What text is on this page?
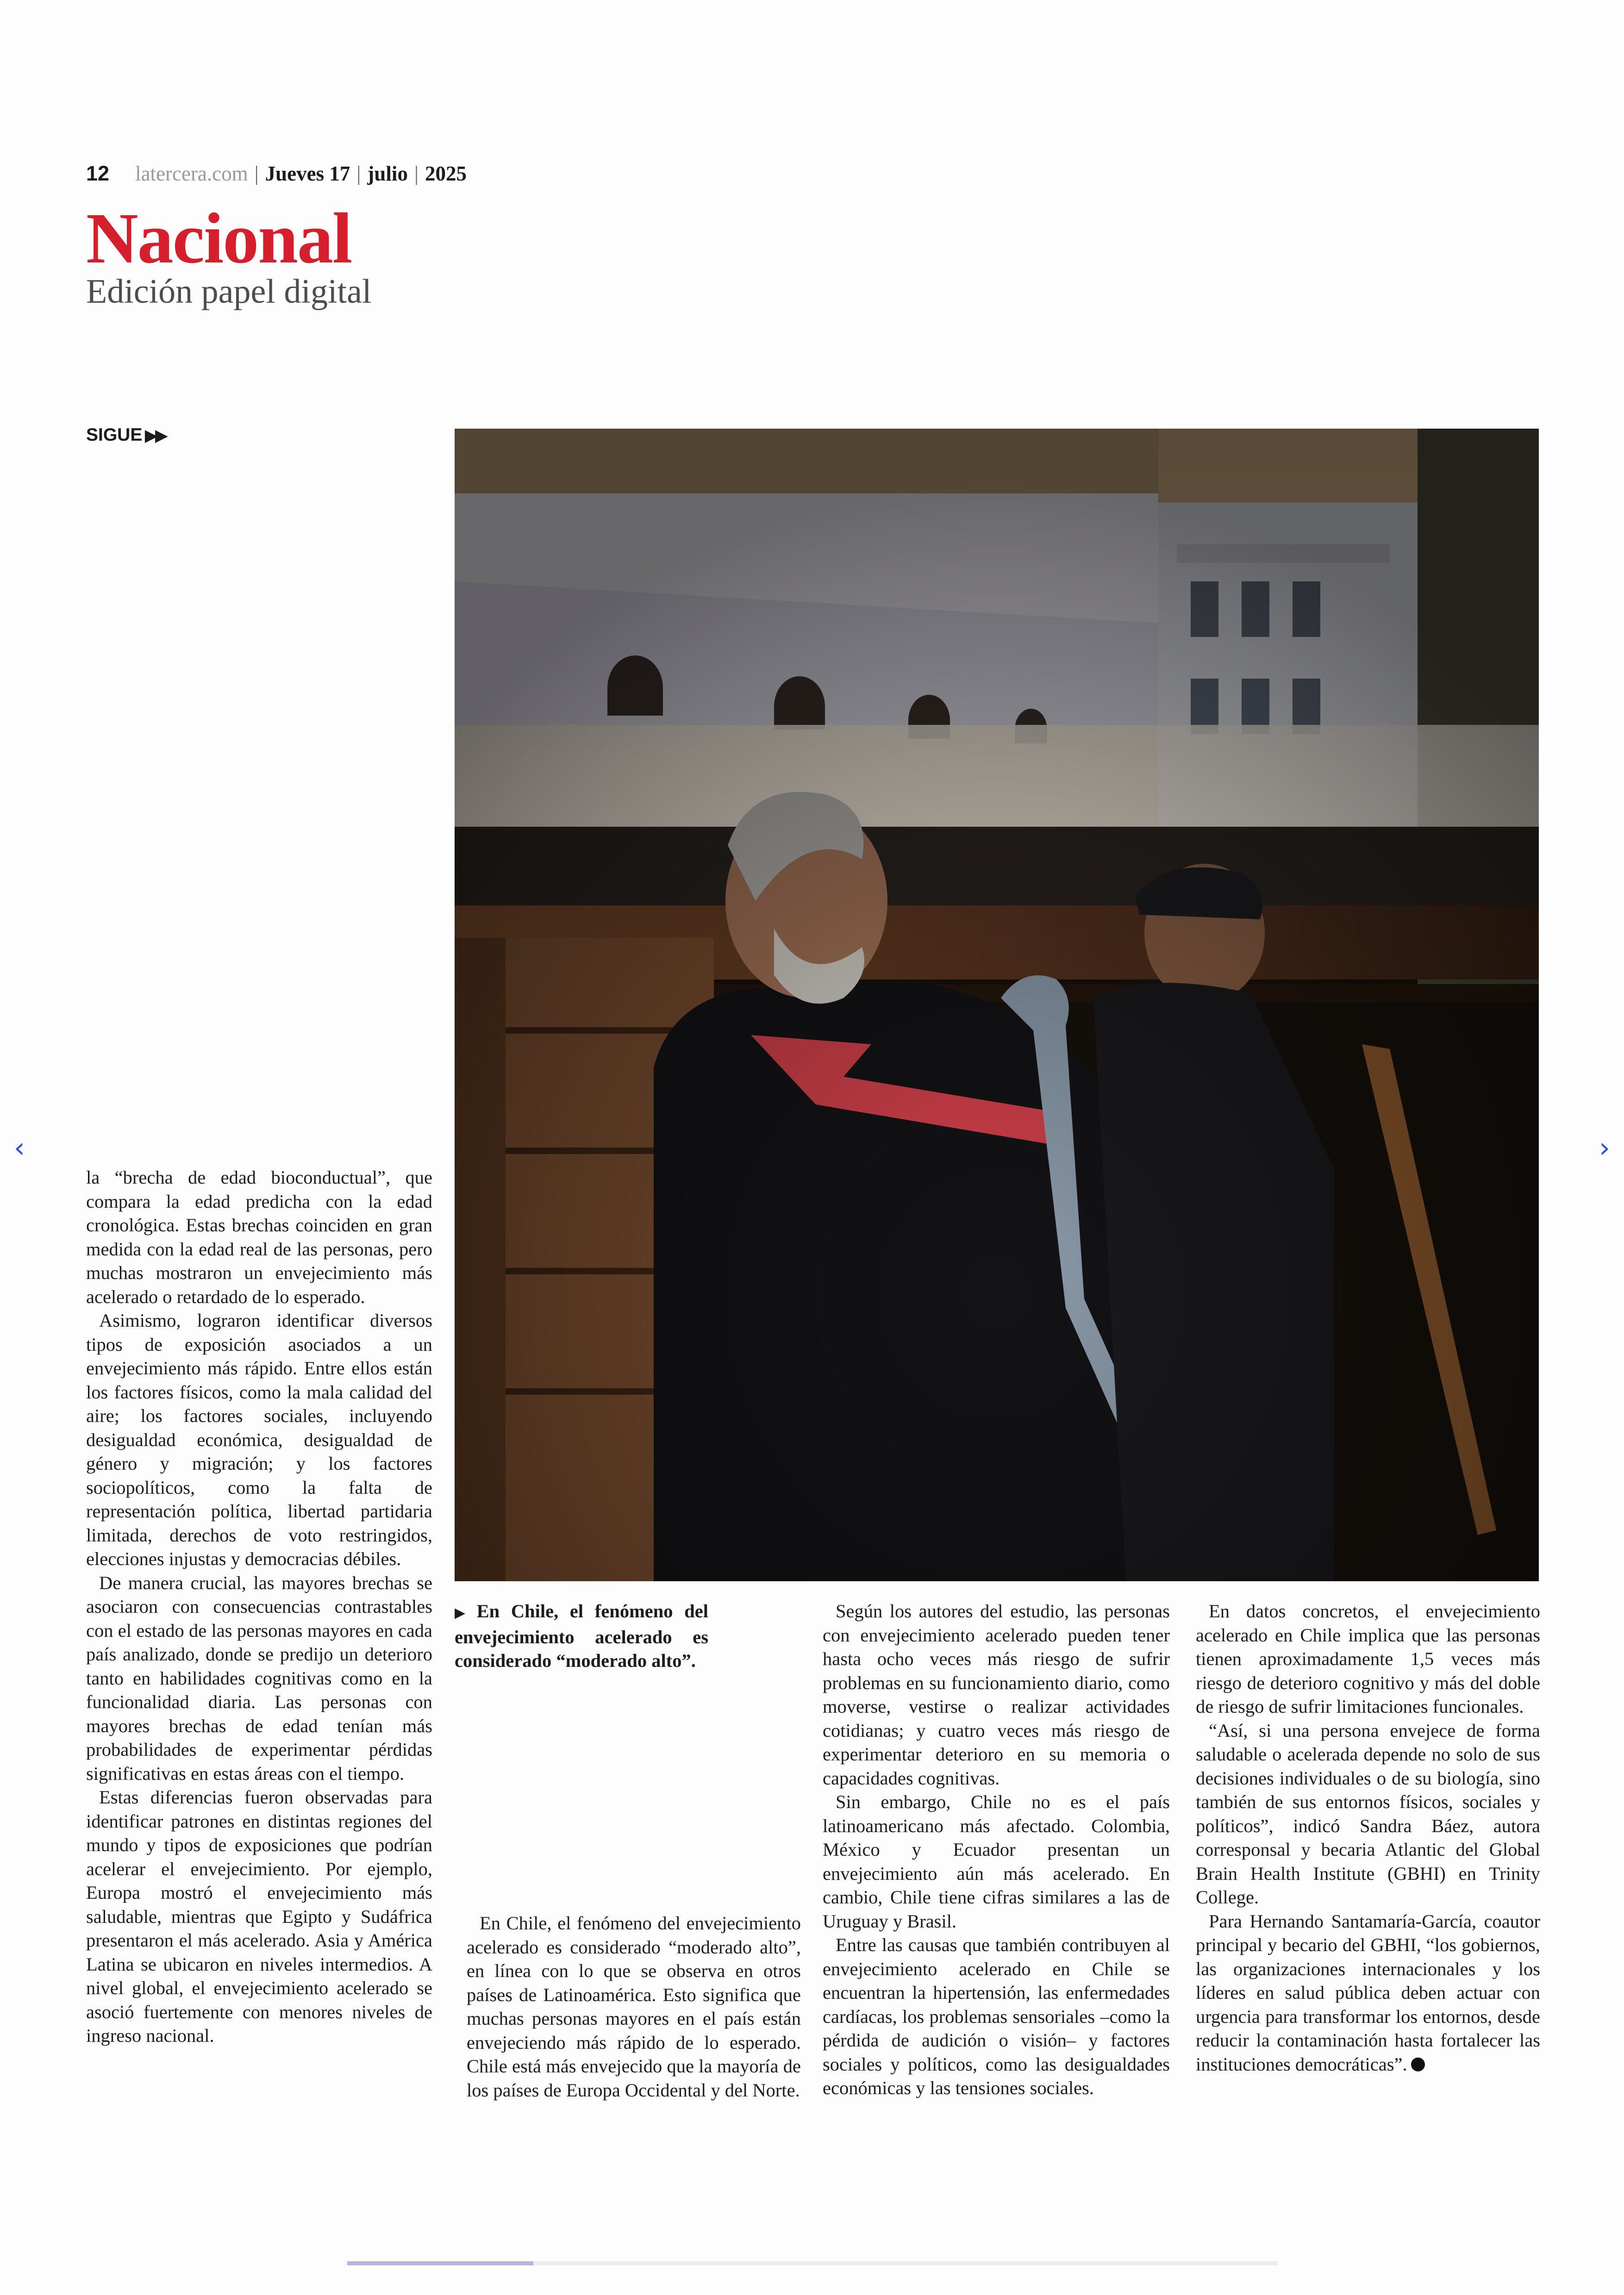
12 latercera.com | Jueves 17 | julio | 2025
Nacional
Edición papel digital
SIGUE ▶▶
‹	›

la “brecha de edad bioconductual”, que compara la edad predicha con la edad cronológica. Estas brechas coinciden en gran medida con la edad real de las personas, pero muchas mostraron un envejecimiento más acelerado o retardado de lo esperado.

Asimismo, lograron identificar diversos tipos de exposición asociados a un envejecimiento más rápido. Entre ellos están los factores físicos, como la mala calidad del aire; los factores sociales, incluyendo desigualdad económica, desigualdad de género y migración; y los factores sociopolíticos, como la falta de representación política, libertad partidaria limitada, derechos de voto restringidos, elecciones injustas y democracias débiles.

De manera crucial, las mayores brechas se asociaron con consecuencias contrastables con el estado de las personas mayores en cada país analizado, donde se predijo un deterioro tanto en habilidades cognitivas como en la funcionalidad diaria. Las personas con mayores brechas de edad tenían más probabilidades de experimentar pérdidas significativas en estas áreas con el tiempo.

Estas diferencias fueron observadas para identificar patrones en distintas regiones del mundo y tipos de exposiciones que podrían acelerar el envejecimiento. Por ejemplo, Europa mostró el envejecimiento más saludable, mientras que Egipto y Sudáfrica presentaron el más acelerado. Asia y América Latina se ubicaron en niveles intermedios. A nivel global, el envejecimiento acelerado se asoció fuertemente con menores niveles de ingreso nacional.

▶ En Chile, el fenómeno del envejecimiento acelerado es considerado “moderado alto”.

En Chile, el fenómeno del envejecimiento acelerado es considerado “moderado alto”, en línea con lo que se observa en otros países de Latinoamérica. Esto significa que muchas personas mayores en el país están envejeciendo más rápido de lo esperado. Chile está más envejecido que la mayoría de los países de Europa Occidental y del Norte.

Según los autores del estudio, las personas con envejecimiento acelerado pueden tener hasta ocho veces más riesgo de sufrir problemas en su funcionamiento diario, como moverse, vestirse o realizar actividades cotidianas; y cuatro veces más riesgo de experimentar deterioro en su memoria o capacidades cognitivas.

Sin embargo, Chile no es el país latinoamericano más afectado. Colombia, México y Ecuador presentan un envejecimiento aún más acelerado. En cambio, Chile tiene cifras similares a las de Uruguay y Brasil.

Entre las causas que también contribuyen al envejecimiento acelerado en Chile se encuentran la hipertensión, las enfermedades cardíacas, los problemas sensoriales –como la pérdida de audición o visión– y factores sociales y políticos, como las desigualdades económicas y las tensiones sociales.

En datos concretos, el envejecimiento acelerado en Chile implica que las personas tienen aproximadamente 1,5 veces más riesgo de deterioro cognitivo y más del doble de riesgo de sufrir limitaciones funcionales.

“Así, si una persona envejece de forma saludable o acelerada depende no solo de sus decisiones individuales o de su biología, sino también de sus entornos físicos, sociales y políticos”, indicó Sandra Báez, autora corresponsal y becaria Atlantic del Global Brain Health Institute (GBHI) en Trinity College.

Para Hernando Santamaría-García, coautor principal y becario del GBHI, “los gobiernos, las organizaciones internacionales y los líderes en salud pública deben actuar con urgencia para transformar los entornos, desde reducir la contaminación hasta fortalecer las instituciones democráticas”.
